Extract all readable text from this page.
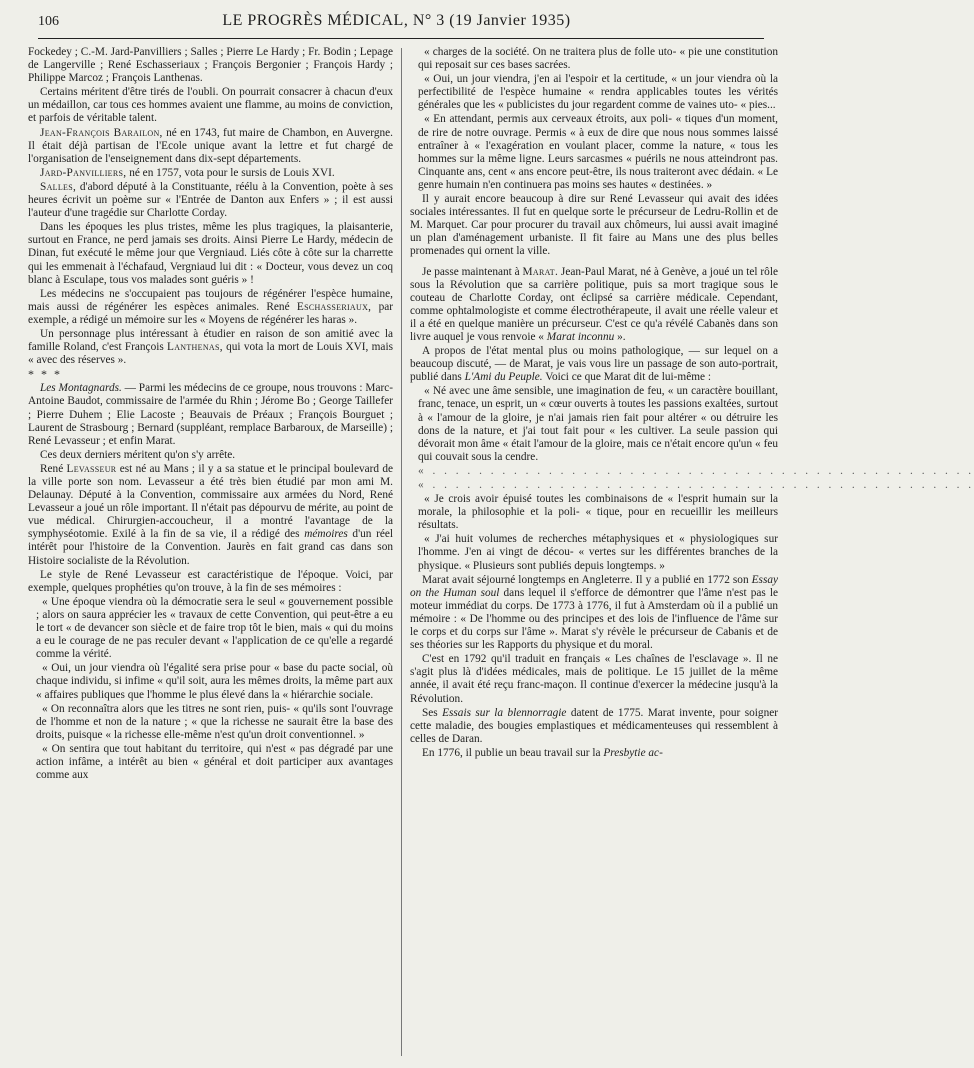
106	LE PROGRÈS MÉDICAL, N° 3 (19 Janvier 1935)

Fockedey ; C.-M. Jard-Panvilliers ; Salles ; Pierre Le Hardy ; Fr. Bodin ; Lepage de Langerville ; René Eschasseriaux ; François Bergonier ; François Hardy ; Philippe Marcoz ; François Lanthenas.

Certains méritent d'être tirés de l'oubli. On pourrait consacrer à chacun d'eux un médaillon, car tous ces hommes avaient une flamme, au moins de conviction, et parfois de véritable talent.

Jean-François Barailon, né en 1743, fut maire de Chambon, en Auvergne. Il était déjà partisan de l'Ecole unique avant la lettre et fut chargé de l'organisation de l'enseignement dans dix-sept départements.

Jard-Panvilliers, né en 1757, vota pour le sursis de Louis XVI.

Salles, d'abord député à la Constituante, réélu à la Convention, poète à ses heures écrivit un poème sur « l'Entrée de Danton aux Enfers » ; il est aussi l'auteur d'une tragédie sur Charlotte Corday.

Dans les époques les plus tristes, même les plus tragiques, la plaisanterie, surtout en France, ne perd jamais ses droits. Ainsi Pierre Le Hardy, médecin de Dinan, fut exécuté le même jour que Vergniaud. Liés côte à côte sur la charrette qui les emmenait à l'échafaud, Vergniaud lui dit : « Docteur, vous devez un coq blanc à Esculape, tous vos malades sont guéris » !

Les médecins ne s'occupaient pas toujours de régénérer l'espèce humaine, mais aussi de régénérer les espèces animales. René Eschasseriaux, par exemple, a rédigé un mémoire sur les « Moyens de régénérer les haras ».

Un personnage plus intéressant à étudier en raison de son amitié avec la famille Roland, c'est François Lanthenas, qui vota la mort de Louis XVI, mais « avec des réserves ».

* * *

Les Montagnards. — Parmi les médecins de ce groupe, nous trouvons : Marc-Antoine Baudot, commissaire de l'armée du Rhin ; Jérome Bo ; George Taillefer ; Pierre Duhem ; Elie Lacoste ; Beauvais de Préaux ; François Bourguet ; Laurent de Strasbourg ; Bernard (suppléant, remplace Barbaroux, de Marseille) ; René Levasseur ; et enfin Marat.

Ces deux derniers méritent qu'on s'y arrête.

René Levasseur est né au Mans ; il y a sa statue et le principal boulevard de la ville porte son nom. Levasseur a été très bien étudié par mon ami M. Delaunay. Député à la Convention, commissaire aux armées du Nord, René Levasseur a joué un rôle important. Il n'était pas dépourvu de mérite, au point de vue médical. Chirurgien-accoucheur, il a montré l'avantage de la symphyséotomie. Exilé à la fin de sa vie, il a rédigé des mémoires d'un réel intérêt pour l'histoire de la Convention. Jaurès en fait grand cas dans son Histoire socialiste de la Révolution.

Le style de René Levasseur est caractéristique de l'époque. Voici, par exemple, quelques prophéties qu'on trouve, à la fin de ses mémoires :

« Une époque viendra où la démocratie sera le seul « gouvernement possible ; alors on saura apprécier les « travaux de cette Convention, qui peut-être a eu le tort « de devancer son siècle et de faire trop tôt le bien, mais « qui du moins a eu le courage de ne pas reculer devant « l'application de ce qu'elle a regardé comme la vérité.

« Oui, un jour viendra où l'égalité sera prise pour « base du pacte social, où chaque individu, si infime « qu'il soit, aura les mêmes droits, la même part aux « affaires publiques que l'homme le plus élevé dans la « hiérarchie sociale.

« On reconnaîtra alors que les titres ne sont rien, puis- « qu'ils sont l'ouvrage de l'homme et non de la nature ; « que la richesse ne saurait être la base des droits, puisque « la richesse elle-même n'est qu'un droit conventionnel. »

« On sentira que tout habitant du territoire, qui n'est « pas dégradé par une action infâme, a intérêt au bien « général et doit participer aux avantages comme aux

« charges de la société. On ne traitera plus de folle uto- « pie une constitution qui reposait sur ces bases sacrées.

« Oui, un jour viendra, j'en ai l'espoir et la certitude, « un jour viendra où la perfectibilité de l'espèce humaine « rendra applicables toutes les vérités générales que les « publicistes du jour regardent comme de vaines uto- « pies...

« En attendant, permis aux cerveaux étroits, aux poli- « tiques d'un moment, de rire de notre ouvrage. Permis « à eux de dire que nous nous sommes laissé entraîner à « l'exagération en voulant placer, comme la nature, « tous les hommes sur la même ligne. Leurs sarcasmes « puérils ne nous atteindront pas. Cinquante ans, cent « ans encore peut-être, ils nous traiteront avec dédain. « Le genre humain n'en continuera pas moins ses hautes « destinées. »

Il y aurait encore beaucoup à dire sur René Levasseur qui avait des idées sociales intéressantes. Il fut en quelque sorte le précurseur de Ledru-Rollin et de M. Marquet. Car pour procurer du travail aux chômeurs, lui aussi avait imaginé un plan d'aménagement urbaniste. Il fit faire au Mans une des plus belles promenades qui ornent la ville.

Je passe maintenant à Marat. Jean-Paul Marat, né à Genève, a joué un tel rôle sous la Révolution que sa carrière politique, puis sa mort tragique sous le couteau de Charlotte Corday, ont éclipsé sa carrière médicale. Cependant, comme ophtalmologiste et comme électrothérapeute, il avait une réelle valeur et il a été en quelque manière un précurseur. C'est ce qu'a révélé Cabanès dans son livre auquel je vous renvoie « Marat inconnu ».

A propos de l'état mental plus ou moins pathologique, — sur lequel on a beaucoup discuté, — de Marat, je vais vous lire un passage de son auto-portrait, publié dans L'Ami du Peuple. Voici ce que Marat dit de lui-même :

« Né avec une âme sensible, une imagination de feu, « un caractère bouillant, franc, tenace, un esprit, un « cœur ouverts à toutes les passions exaltées, surtout à « l'amour de la gloire, je n'ai jamais rien fait pour altérer « ou détruire les dons de la nature, et j'ai tout fait pour « les cultiver. La seule passion qui dévorait mon âme « était l'amour de la gloire, mais ce n'était encore qu'un « feu qui couvait sous la cendre.

« . . . . . . . . . . . . . . . . . . . . . . . . . . . . . . . . . . . . . . . . . . . . . . .

« . . . . . . . . . . . . . . . . . . . . . . . . . . . . . . . . . . . . . . . . . . . . . . .

« Je crois avoir épuisé toutes les combinaisons de « l'esprit humain sur la morale, la philosophie et la poli- « tique, pour en recueillir les meilleurs résultats.

« J'ai huit volumes de recherches métaphysiques et « physiologiques sur l'homme. J'en ai vingt de décou- « vertes sur les différentes branches de la physique. « Plusieurs sont publiés depuis longtemps. »

Marat avait séjourné longtemps en Angleterre. Il y a publié en 1772 son Essay on the Human soul dans lequel il s'efforce de démontrer que l'âme n'est pas le moteur immédiat du corps. De 1773 à 1776, il fut à Amsterdam où il a publié un mémoire : « De l'homme ou des principes et des lois de l'influence de l'âme sur le corps et du corps sur l'âme ». Marat s'y révèle le précurseur de Cabanis et de ses théories sur les Rapports du physique et du moral.

C'est en 1792 qu'il traduit en français « Les chaînes de l'esclavage ». Il ne s'agit plus là d'idées médicales, mais de politique. Le 15 juillet de la même année, il avait été reçu franc-maçon. Il continue d'exercer la médecine jusqu'à la Révolution.

Ses Essais sur la blennorragie datent de 1775. Marat invente, pour soigner cette maladie, des bougies emplastiques et médicamenteuses qui ressemblent à celles de Daran.

En 1776, il publie un beau travail sur la Presbytie ac-
